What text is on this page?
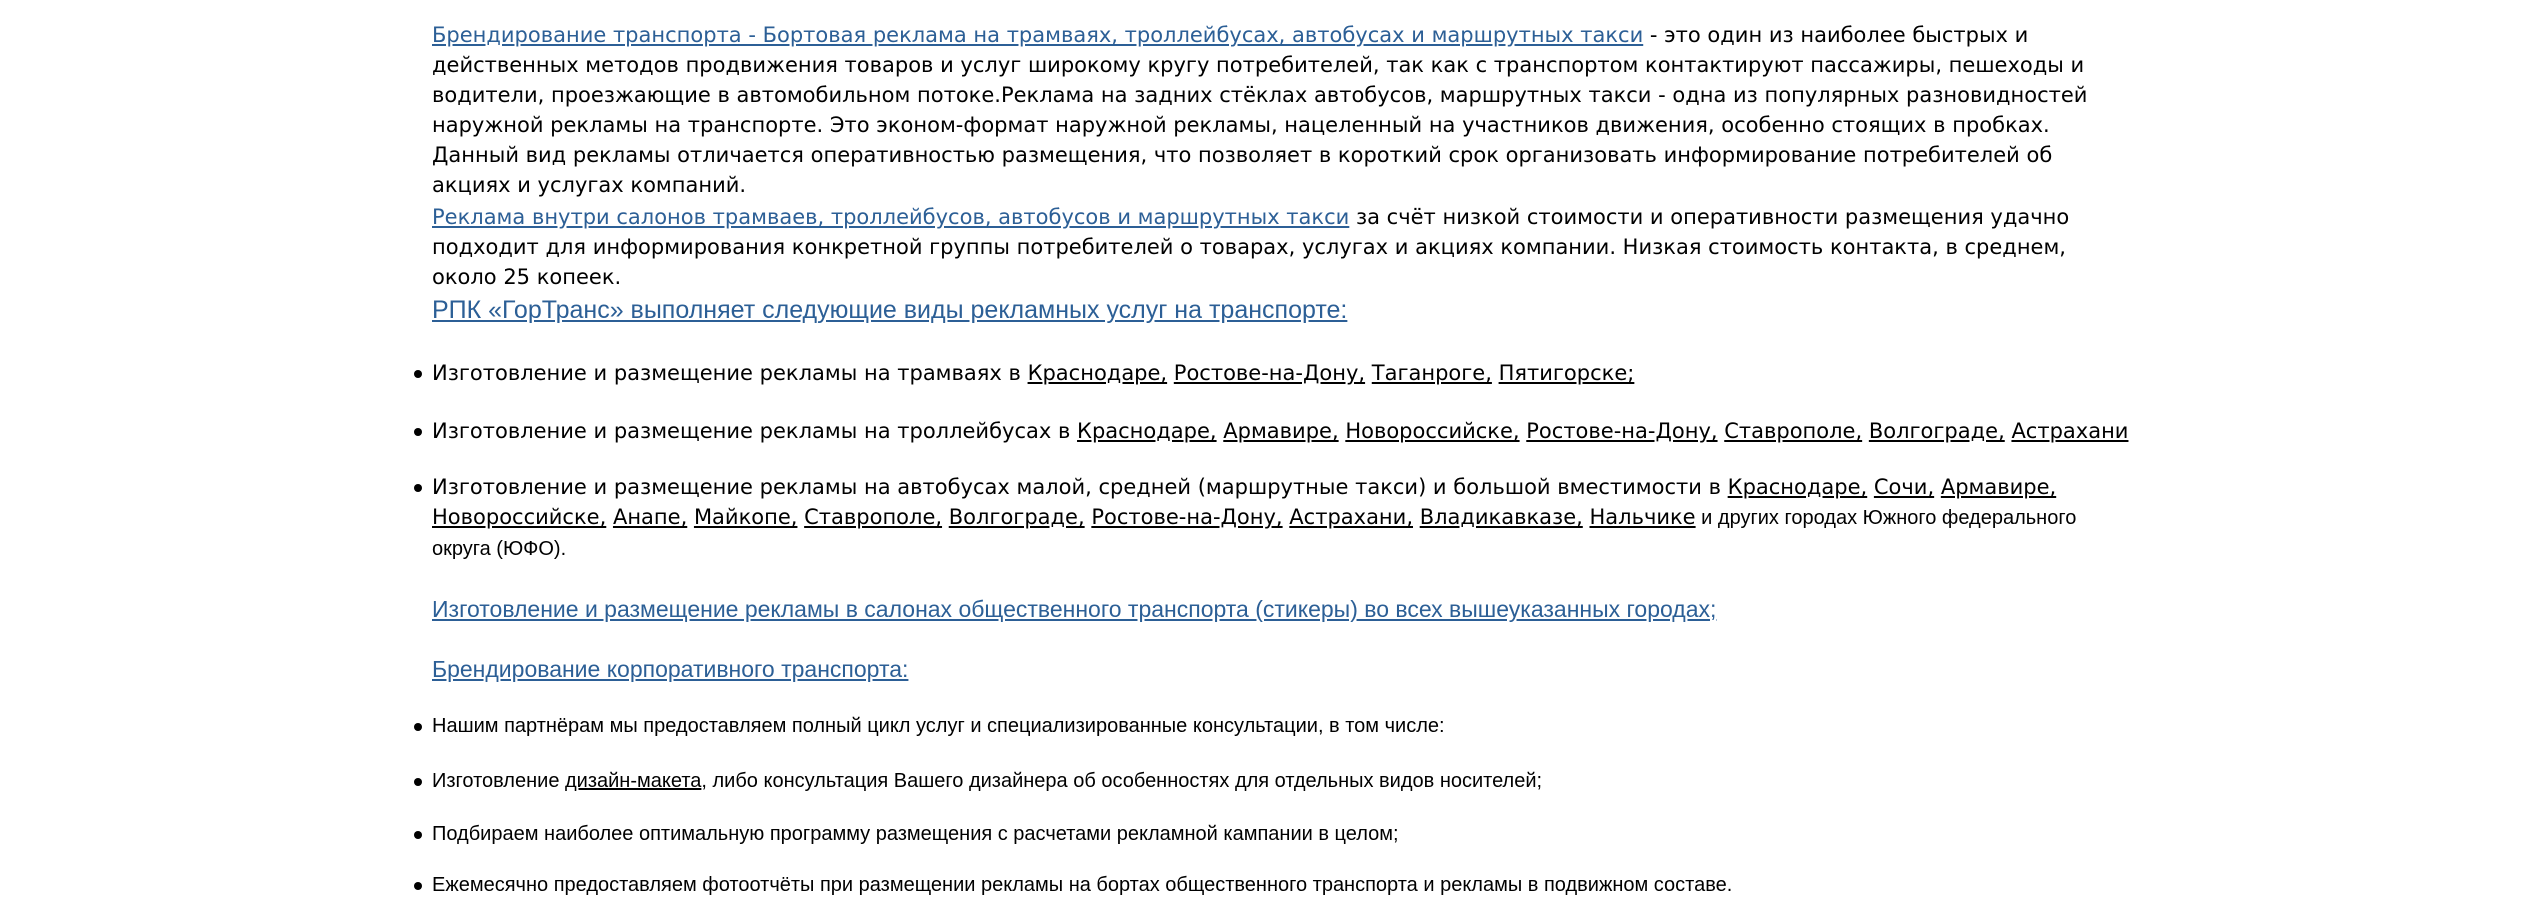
Брендирование транспорта - Бортовая реклама на трамваях, троллейбусах, автобусах и маршрутных такси - это один из наиболее быстрых и действенных методов продвижения товаров и услуг широкому кругу потребителей, так как с транспортом контактируют пассажиры, пешеходы и водители, проезжающие в автомобильном потоке.Реклама на задних стёклах автобусов, маршрутных такси - одна из популярных разновидностей наружной рекламы на транспорте. Это эконом-формат наружной рекламы, нацеленный на участников движения, особенно стоящих в пробках. Данный вид рекламы отличается оперативностью размещения, что позволяет в короткий срок организовать информирование потребителей об акциях и услугах компаний.

Реклама внутри салонов трамваев, троллейбусов, автобусов и маршрутных такси за счёт низкой стоимости и оперативности размещения удачно подходит для информирования конкретной группы потребителей о товарах, услугах и акциях компании. Низкая стоимость контакта, в среднем, около 25 копеек.

РПК «ГорТранс» выполняет следующие виды рекламных услуг на транспорте:
Изготовление и размещение рекламы на трамваях в Краснодаре, Ростове-на-Дону, Таганроге, Пятигорске;
Изготовление и размещение рекламы на троллейбусах в Краснодаре, Армавире, Новороссийске, Ростове-на-Дону, Ставрополе, Волгограде, Астрахани
Изготовление и размещение рекламы на автобусах малой, средней (маршрутные такси) и большой вместимости в Краснодаре, Сочи, Армавире, Новороссийске, Анапе, Майкопе, Ставрополе, Волгограде, Ростове-на-Дону, Астрахани, Владикавказе, Нальчике и других городах Южного федерального округа (ЮФО).
Изготовление и размещение рекламы в салонах общественного транспорта (стикеры) во всех вышеуказанных городах;
Брендирование корпоративного транспорта:
Нашим партнёрам мы предоставляем полный цикл услуг и специализированные консультации, в том числе:
Изготовление дизайн-макета, либо консультация Вашего дизайнера об особенностях для отдельных видов носителей;
Подбираем наиболее оптимальную программу размещения с расчетами рекламной кампании в целом;
Ежемесячно предоставляем фотоотчёты при размещении рекламы на бортах общественного транспорта и рекламы в подвижном составе.
